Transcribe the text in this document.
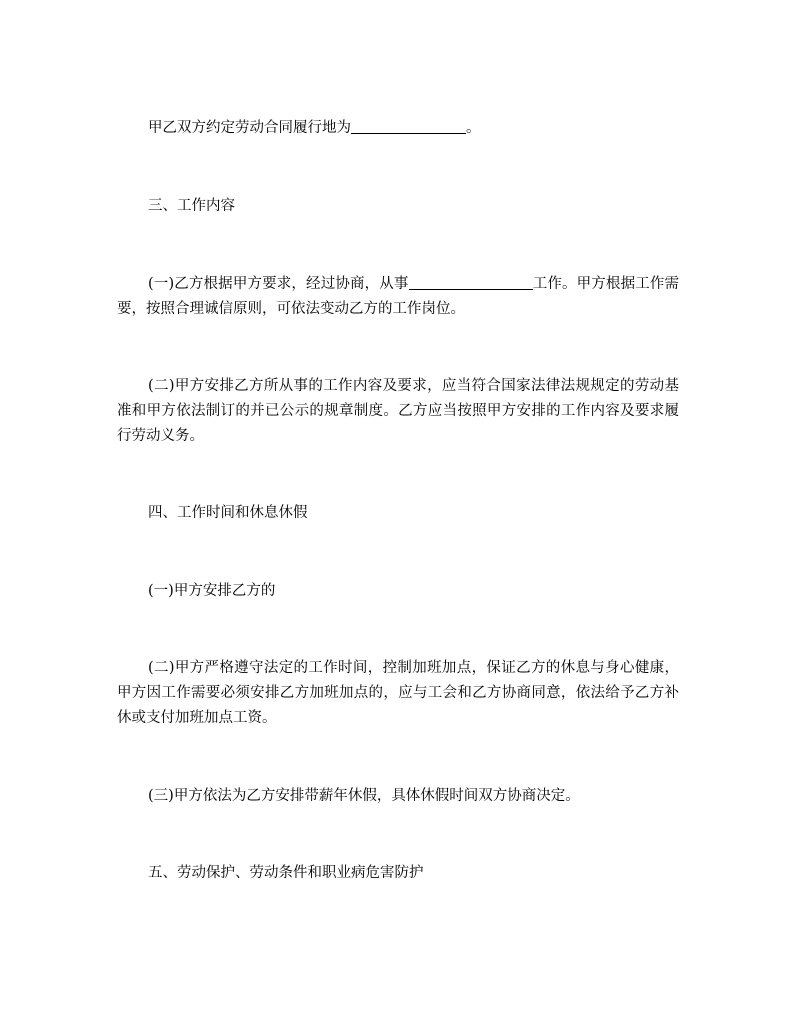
甲乙双方约定劳动合同履行地为	。

三、工作内容

(一)乙方根据甲方要求，经过协商，从事	工作。甲方根据工作需要，按照合理诚信原则，可依法变动乙方的工作岗位。

(二)甲方安排乙方所从事的工作内容及要求，应当符合国家法律法规规定的劳动基准和甲方依法制订的并已公示的规章制度。乙方应当按照甲方安排的工作内容及要求履行劳动义务。

四、工作时间和休息休假

(一)甲方安排乙方的

(二)甲方严格遵守法定的工作时间，控制加班加点，保证乙方的休息与身心健康，甲方因工作需要必须安排乙方加班加点的，应与工会和乙方协商同意，依法给予乙方补休或支付加班加点工资。

(三)甲方依法为乙方安排带薪年休假，具体休假时间双方协商决定。

五、劳动保护、劳动条件和职业病危害防护
